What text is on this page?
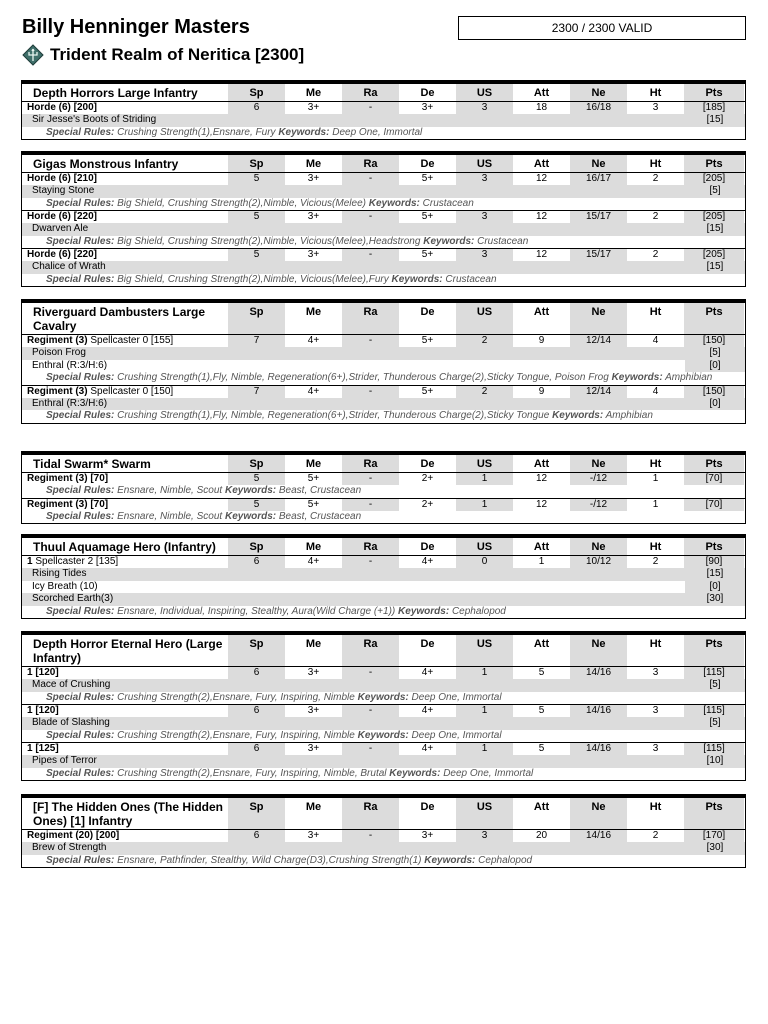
Billy Henninger Masters
Trident Realm of Neritica [2300]
2300 / 2300 VALID
Depth Horrors Large Infantry	Sp	Me	Ra	De	US	Att	Ne	Ht	Pts
Horde (6) [200]	6	3+	-	3+	3	18	16/18	3	[185]
Sir Jesse's Boots of Striding	[15]
Special Rules: Crushing Strength(1),Ensnare, Fury Keywords: Deep One, Immortal
Gigas Monstrous Infantry	Sp	Me	Ra	De	US	Att	Ne	Ht	Pts
Horde (6) [210]	5	3+	-	5+	3	12	16/17	2	[205]
Staying Stone	[5]
Special Rules: Big Shield, Crushing Strength(2),Nimble, Vicious(Melee) Keywords: Crustacean
Horde (6) [220]	5	3+	-	5+	3	12	15/17	2	[205]
Dwarven Ale	[15]
Special Rules: Big Shield, Crushing Strength(2),Nimble, Vicious(Melee),Headstrong Keywords: Crustacean
Horde (6) [220]	5	3+	-	5+	3	12	15/17	2	[205]
Chalice of Wrath	[15]
Special Rules: Big Shield, Crushing Strength(2),Nimble, Vicious(Melee),Fury Keywords: Crustacean
Riverguard Dambusters Large Cavalry
Sp	Me	Ra	De	US	Att	Ne	Ht	Pts
Regiment (3) Spellcaster 0 [155]	7	4+	-	5+	2	9	12/14	4	[150]
Poison Frog	[5]
Enthral (R:3/H:6)	[0]
Special Rules: Crushing Strength(1),Fly, Nimble, Regeneration(6+),Strider, Thunderous Charge(2),Sticky Tongue, Poison Frog Keywords: Amphibian
Regiment (3) Spellcaster 0 [150]	7	4+	-	5+	2	9	12/14	4	[150]
Enthral (R:3/H:6)	[0]
Special Rules: Crushing Strength(1),Fly, Nimble, Regeneration(6+),Strider, Thunderous Charge(2),Sticky Tongue Keywords: Amphibian
Tidal Swarm* Swarm	Sp	Me	Ra	De	US	Att	Ne	Ht	Pts
Regiment (3) [70]	5	5+	-	2+	1	12	-/12	1	[70]
Special Rules: Ensnare, Nimble, Scout Keywords: Beast, Crustacean
Regiment (3) [70]	5	5+	-	2+	1	12	-/12	1	[70]
Special Rules: Ensnare, Nimble, Scout Keywords: Beast, Crustacean
Thuul Aquamage Hero (Infantry)	Sp	Me	Ra	De	US	Att	Ne	Ht	Pts
1 Spellcaster 2 [135]	6	4+	-	4+	0	1	10/12	2	[90]
Rising Tides	[15]
Icy Breath (10)	[0]
Scorched Earth(3)	[30]
Special Rules: Ensnare, Individual, Inspiring, Stealthy, Aura(Wild Charge (+1)) Keywords: Cephalopod
Depth Horror Eternal Hero (Large Infantry)
Sp	Me	Ra	De	US	Att	Ne	Ht	Pts
1 [120]	6	3+	-	4+	1	5	14/16	3	[115]
Mace of Crushing	[5]
Special Rules: Crushing Strength(2),Ensnare, Fury, Inspiring, Nimble Keywords: Deep One, Immortal
1 [120]	6	3+	-	4+	1	5	14/16	3	[115]
Blade of Slashing	[5]
Special Rules: Crushing Strength(2),Ensnare, Fury, Inspiring, Nimble Keywords: Deep One, Immortal
1 [125]	6	3+	-	4+	1	5	14/16	3	[115]
Pipes of Terror	[10]
Special Rules: Crushing Strength(2),Ensnare, Fury, Inspiring, Nimble, Brutal Keywords: Deep One, Immortal
[F] The Hidden Ones (The Hidden Ones) [1] Infantry
Sp	Me	Ra	De	US	Att	Ne	Ht	Pts
Regiment (20) [200]	6	3+	-	3+	3	20	14/16	2	[170]
Brew of Strength	[30]
Special Rules: Ensnare, Pathfinder, Stealthy, Wild Charge(D3),Crushing Strength(1) Keywords: Cephalopod
